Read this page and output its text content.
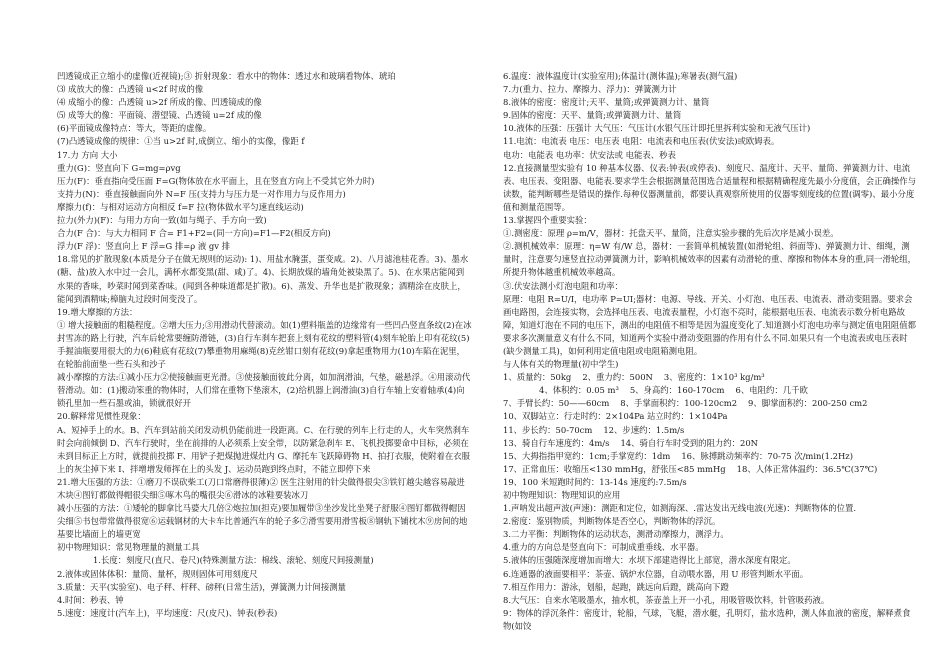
凹透镜成正立缩小的虚像(近视镜);③ 折射现象：看水中的物体：透过水和玻璃看物体、琥珀

⑶ 成放大的像：凸透镜 u<2f 时成的像

⑷ 成缩小的像：凸透镜 u>2f 所成的像、凹透镜成的像

⑸ 成等大的像：平面镜、潜望镜、凸透镜 u=2f 成的像

(6)平面镜成像特点：等大，等距的虚像。

(7)凸透镜成像的规律：①当 u>2f 时,成倒立、缩小的实像，像距 f

17.力 方向 大小

重力(G)：竖直向下 G=mg=ρvg

压力(F)：垂直指向受压面 F=G(物体放在水平面上，且在竖直方向上不受其它外力时)

支持力(N)：垂直接触面向外 N=F 压(支持力与压力是一对作用力与反作用力)

摩擦力(f)：与相对运动方向相反 f=F 拉(物体做水平匀速直线运动)

拉力(外力)(F)：与用力方向一致(如与绳子、手方向一致)

合力(F 合)：与大力相同 F 合= F1+F2=(同一方向)=F1—F2(相反方向)

浮力(F 浮)：竖直向上 F 浮=G 排=ρ 液 gv 排

18.常见的扩散现象(本质是分子在做无规则的运动): 1)、用盐水腌蛋，蛋变咸。2)、八月滤池桂花香。3)、墨水(糖、盐)放入水中过一会儿，满杯水都变黑(甜、咸)了。4)、长期放煤的墙角处被染黑了。5)、在水果店能闻到水果的香味，吵菜时闻到菜香味。(闻到各种味道都是扩散)。6)、蒸发、升华也是扩散现象；酒精涂在皮肤上，能闻到酒精味;樟脑丸过段时间变没了。

19.增大摩擦的方法：

① 增大接触面的粗糙程度。②增大压力;③用滑动代替滚动。如(1)塑料瓶盖的边缘常有一些凹凸竖直条纹(2)在冰封雪冻的路上行驶，汽车后轮常要缠防滑链，(3)自行车刹车把套上刻有花纹的塑料管(4)刻车轮胎上印有花纹(5)手握油瓶要用很大的力(6)鞋底有花纹(7)攀重物用麻绳(8)克丝钳口刻有花纹(9)拿起重物用力(10)车陷在泥里，在轮胎前面垫一些石头和沙子

减小摩擦的方法:①减小压力②使接触面更光滑。③使接触面彼此分离，如加润滑油，气垫，磁悬浮。④用滚动代替滑动。如：(1)搬动笨重的物体时，人们常在重物下垫滚木，(2)给机器上润滑油(3)自行车轴上安着轴承(4)向锁孔里加一些石墨或油，锁就很好开

20.解释常见惯性现象：

A、短掉手上的水。B、汽车到站前关闭发动机仍能前进一段距离。C、在行驶的列车上行走的人，火车突然刹车时会向前倾倒 D、汽车行驶时，坐在前排的人必须系上安全带，以防紧急刹车 E、飞机投掷要命中目标，必须在未到目标正上方时，就提前投掷 F、用铲子把煤抛进煤灶内 G、摩托车飞跃障碍物 H、拍打衣服，使附着在衣服上的灰尘掉下来 I、拌增增发师挥在上的头发 J、运动员跑到终点时，不能立即停下来

21.增大压强的方法：①磨刀不误砍柴工(刀口常磨得很薄)② 医生注射用的针尖做得很尖③铁钉越尖越容易敲进木块④图钉都做得帽很尖细⑤啄木鸟的嘴很尖⑥滑冰的冰鞋要装冰刀

减小压强的方法：①矮轮的脚拿比马婆大几倍②炮拉加(担克)要加履带③坐沙发比坐凳子舒服④图钉都做得帽因尖细⑤书包带常做得很宽⑥运载钢材的大卡车比普通汽车的轮子多⑦滑雪要用滑雪板⑧钢轨下铺枕木⑨房间的地基要比墙面上的墙更宽

初中物理知识：常见物理量的测量工具

1.长度：刻度尺(直尺、卷尺)(特殊测量方法：棉线、滚轮、刻度尺间接测量)

2.液体或固体体积：量筒、量杯，规则固体可用刻度尺

3.质量：天平(实验室)、电子秤、杆秤、磅秤(日常生活)，弹簧测力计间接测量

4.时间：秒表、钟

5.速度：速度计(汽车上)，平均速度：尺(皮尺)、钟表(秒表)

6.温度：液体温度计(实验室用);体温计(测体温);寒暑表(测气温)

7.力(重力、拉力、摩擦力、浮力)：弹簧测力计

8.液体的密度：密度计;天平、量筒;或弹簧测力计、量筒

9.固体的密度：天平、量筒;或弹簧测力计、量筒

10.液体的压强：压强计 大气压：气压计(水银气压计即托里拆利实验和无液气压计)

11.电流：电流表 电压：电压表 电阻：电流表和电压表(伏安法)或欧姆表。

电功：电能表 电功率：伏安法或 电能表、秒表

12.直接测量型实验有 10 种基本仪器、仪表:钟表(或停表)、刻度尺、温度计、天平、量筒、弹簧测力计、电流表、电压表、变阻器、电能表.要求学生会根据测量范围选合适量程和根据精确程度先最小分度值，会正确操作与读数，能判断哪些是错误的操作.每种仪器测量前，都要认真观察所使用的仪器零刻度线的位置(调零)、最小分度值和测量范围等。

13.掌握四个重要实验：

①.测密度：原理 ρ=m/V，器材：托盘天平、量筒，注意实验步骤的先后次序是减小误差。

②.测机械效率：原理：η=W 有/W 总，器材：一套简单机械装置(如滑轮组、斜面等)、弹簧测力计、细绳，测量时，注意要匀速竖直拉动弹簧测力计，影响机械效率的因素有动滑轮的重、摩擦和物体本身的重,同一滑轮组，所提升物体越重机械效率越高。

③.伏安法测小灯泡电阻和功率：

原理：电阻 R=U/I，电功率 P=UI;器材：电源、导线、开关、小灯泡、电压表、电流表、滑动变阻器。要求会画电路图，会连接实物，会选择电压表、电流表量程，小灯泡不亮时，能根据电压表、电流表示数分析电路故障，知道灯泡在不同的电压下，测出的电阻值不相等是因为温度变化了.知道测小灯泡电功率与测定值电阻阻值都要求多次测量意义有什么不同，知道两个实验中滑动变阻器的作用有什么不同.如果只有一个电流表或电压表时(缺少测量工具)，如何利用定值电阻或电阻箱测电阻。

与人体有关的物理量(初中学生)

1、质量约：50kg　 2、重力约：500N　 3、密度约：1×10³ kg/m³

4、体积约：0.05 m³　 5、身高约：160-170cm　 6、电阻约：几千欧

7、手臂长约：50——60cm　 8、手掌面积约：100-120cm2　 9、脚掌面积约：200-250 cm2

10、双脚站立：行走时约：2×104Pa 站立时约：1×104Pa

11、步长约：50-70cm　 12、步速约：1.5m/s

13、骑自行车速度约：4m/s　 14、骑自行车时受到的阻力约：20N

15、大拇指指甲宽约：1cm;手掌宽约：1dm　 16、脉搏跳动频率约：70-75 次/min(1.2Hz)

17、正常血压：收缩压<130 mmHg，舒张压<85 mmHg　 18、人体正常体温约：36.5℃(37℃)

19、100 米短跑时间约：13-14s 速度约:7.5m/s

初中物理知识：物理知识的应用

1.声呐发出超声波(声速)：测距和定位，如测海深、.雷达发出无线电波(光速)：判断物体的位置.

2.密度：鉴别物质，判断物体是否空心，判断物体的浮沉。

3.二力平衡：判断物体的运动状态，测滑动摩擦力，测浮力。

4.重力的方向总是竖直向下：可制成重垂线、水平器。

5.液体的压强随深度增加而增大：水坝下部建造得比上部宽，潜水深度有限定。

6.连通器的液面要相平：茶壶、锅炉水位器，自动喂水器，用 U 形管判断水平面。

7.相互作用力：游泳，划船，起跑，跳远向后蹬，跳高向下蹬

8.大气压：自来水笔吸墨水，抽水机，茶壶盖上开一小孔，用吸管吸饮料，针管吸药液。

9：物体的浮沉条件：密度计，轮船，气球，飞艇，潜水艇，孔明灯，盐水选种，测人体血液的密度，解释煮食物(如饺
